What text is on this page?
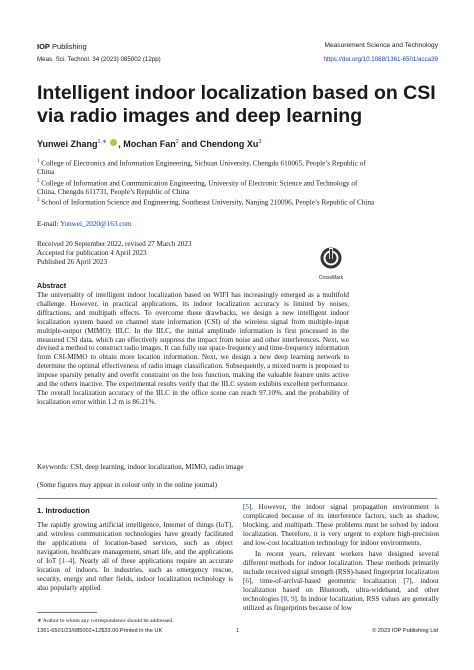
IOP Publishing	Measurement Science and Technology
Meas. Sci. Technol. 34 (2023) 085002 (12pp)	https://doi.org/10.1088/1361-6501/acca39
Intelligent indoor localization based on CSI via radio images and deep learning
Yunwei Zhang$^{1,∗}$ , Mochan Fan$^2$ and Chendong Xu$^3$
$^1$ College of Electronics and Information Engineering, Sichuan University, Chengdu 610065, People’s Republic of China
$^2$ College of Information and Communication Engineering, University of Electronic Science and Technology of China, Chengdu 611731, People’s Republic of China
$^3$ School of Information Science and Engineering, Southeast University, Nanjing 210096, People’s Republic of China
E-mail: Yunwei_2020@163.com
Received 20 September 2022, revised 27 March 2023
Accepted for publication 4 April 2023
Published 26 April 2023
CrossMark
Abstract
The universality of intelligent indoor localization based on WIFI has increasingly emerged as a multifold challenge. However, in practical applications, its indoor localization accuracy is limited by noises, diffractions, and multipath effects. To overcome these drawbacks, we design a new intelligent indoor localization system based on channel state information (CSI) of the wireless signal from multiple-input multiple-output (MIMO): IILC. In the IILC, the initial amplitude information is first processed in the measured CSI data, which can effectively suppress the impact from noise and other interferences. Next, we devised a method to construct radio images. It can fully use space-frequency and time-frequency information from CSI-MIMO to obtain more location information. Next, we design a new deep learning network to determine the optimal effectiveness of radio image classification. Subsequently, a mixed norm is proposed to impose sparsity penalty and overfit constraint on the loss function, making the valuable feature units active and the others inactive. The experimental results verify that the IILC system exhibits excellent performance. The overall localization accuracy of the IILC in the office scene can reach 97.10%, and the probability of localization error within 1.2 m is 86.21%.
Keywords: CSI, deep learning, indoor localization, MIMO, radio image
(Some figures may appear in colour only in the online journal)
1. Introduction

The rapidly growing artificial intelligence, Internet of things (IoT), and wireless communication technologies have greatly facilitated the applications of location-based services, such as object navigation, healthcare management, smart life, and the applications of IoT [1–4]. Nearly all of these applications require an accurate location of indoors. In industries, such as emergency rescue, security, energy and other fields, indoor localization technology is also popularly applied

[5]. However, the indoor signal propagation environment is complicated because of its interference factors, such as shadow, blocking, and multipath. These problems must be solved by indoor localization. Therefore, it is very urgent to explore high-precision and low-cost localization technology for indoor environments.

In recent years, relevant workers have designed several different methods for indoor localization. These methods primarily include received signal strength (RSS)-based fingerprint localization [6], time-of-arrival-based geometric localization [7], indoor localization based on Bluetooth, ultra-wideband, and other technologies [8, 9]. In indoor localization, RSS values are generally utilized as fingerprints because of low

∗ Author to whom any correspondence should be addressed.
1361-6501/23/085002+12$33.00 Printed in the UK	1	© 2023 IOP Publishing Ltd
